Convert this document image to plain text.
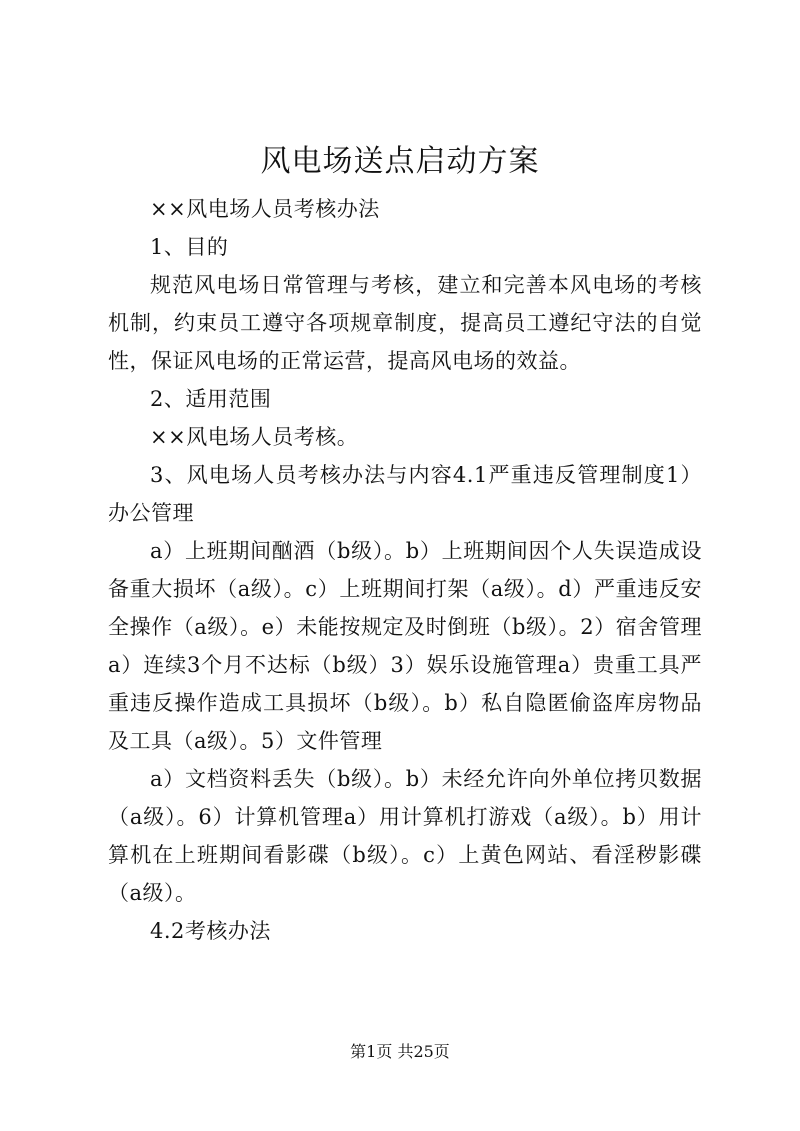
风电场送点启动方案

××风电场人员考核办法

1、目的

规范风电场日常管理与考核，建立和完善本风电场的考核机制，约束员工遵守各项规章制度，提高员工遵纪守法的自觉性，保证风电场的正常运营，提高风电场的效益。

2、适用范围

××风电场人员考核。

3、风电场人员考核办法与内容4.1严重违反管理制度1）办公管理

a）上班期间酗酒（b级）。b）上班期间因个人失误造成设备重大损坏（a级）。c）上班期间打架（a级）。d）严重违反安全操作（a级）。e）未能按规定及时倒班（b级）。2）宿舍管理a）连续3个月不达标（b级）3）娱乐设施管理a）贵重工具严重违反操作造成工具损坏（b级）。b）私自隐匿偷盗库房物品及工具（a级）。5）文件管理

a）文档资料丢失（b级）。b）未经允许向外单位拷贝数据（a级）。6）计算机管理a）用计算机打游戏（a级）。b）用计算机在上班期间看影碟（b级）。c）上黄色网站、看淫秽影碟（a级）。

4.2考核办法

第1页 共25页
